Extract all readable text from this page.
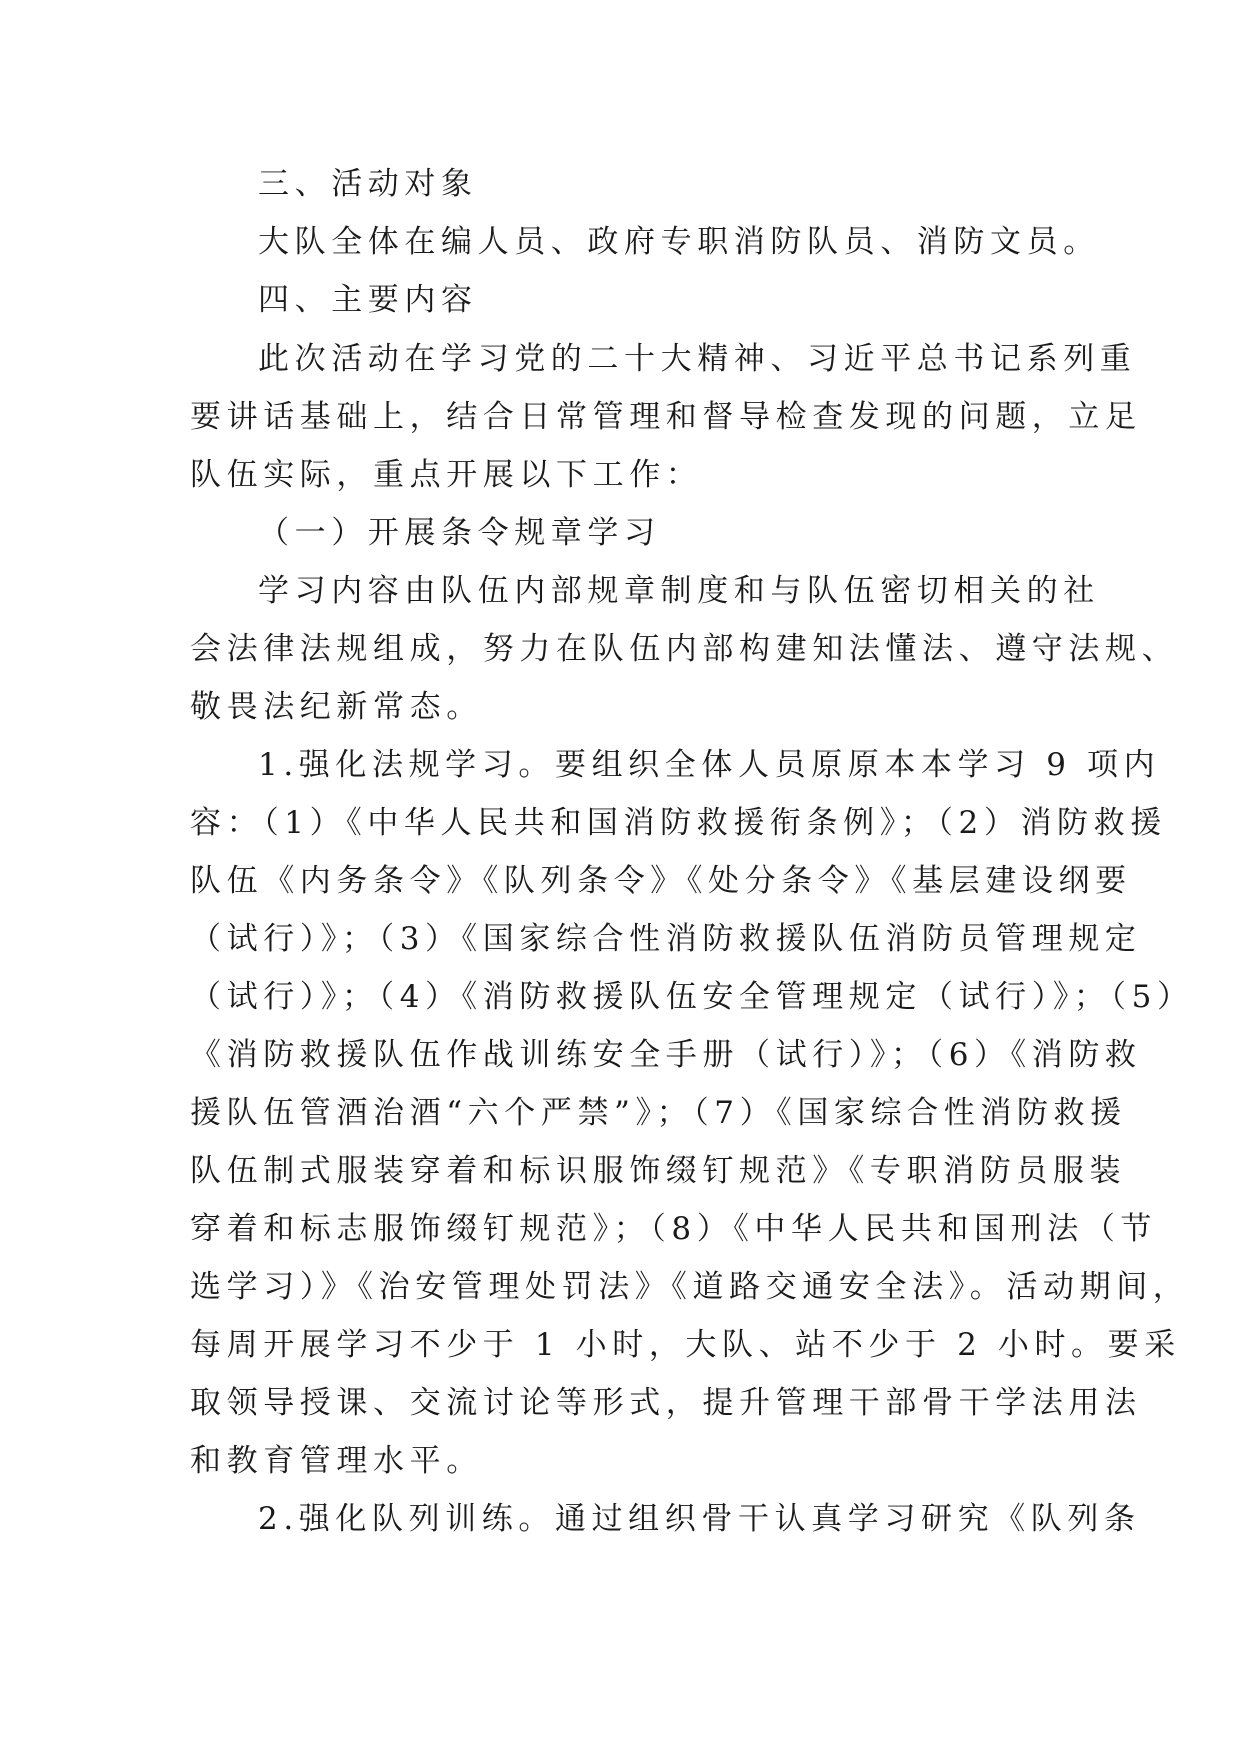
三、活动对象
大队全体在编人员、政府专职消防队员、消防文员。
四、主要内容
此次活动在学习党的二十大精神、习近平总书记系列重
要讲话基础上，结合日常管理和督导检查发现的问题，立足
队伍实际，重点开展以下工作：
（一）开展条令规章学习
学习内容由队伍内部规章制度和与队伍密切相关的社
会法律法规组成，努力在队伍内部构建知法懂法、遵守法规、
敬畏法纪新常态。
1.强化法规学习。要组织全体人员原原本本学习 9 项内
容：（1）《中华人民共和国消防救援衔条例》；（2）消防救援
队伍《内务条令》《队列条令》《处分条令》《基层建设纲要
（试行）》；（3）《国家综合性消防救援队伍消防员管理规定
（试行）》；（4）《消防救援队伍安全管理规定（试行）》；（5）
《消防救援队伍作战训练安全手册（试行）》；（6）《消防救
援队伍管酒治酒“六个严禁”》；（7）《国家综合性消防救援
队伍制式服装穿着和标识服饰缀钉规范》《专职消防员服装
穿着和标志服饰缀钉规范》；（8）《中华人民共和国刑法（节
选学习）》《治安管理处罚法》《道路交通安全法》。活动期间，
每周开展学习不少于 1 小时，大队、站不少于 2 小时。要采
取领导授课、交流讨论等形式，提升管理干部骨干学法用法
和教育管理水平。
2.强化队列训练。通过组织骨干认真学习研究《队列条
